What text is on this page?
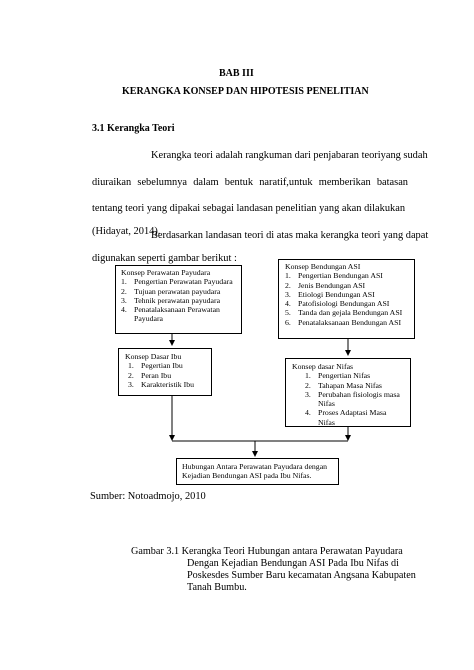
BAB III
KERANGKA KONSEP DAN HIPOTESIS PENELITIAN
3.1 Kerangka Teori
Kerangka teori adalah rangkuman dari penjabaran teoriyang sudah
diuraikan sebelumnya dalam bentuk naratif,untuk memberikan batasan
tentang teori yang dipakai sebagai landasan penelitian yang akan dilakukan
(Hidayat, 2014).
Berdasarkan landasan teori di atas maka kerangka teori yang dapat
digunakan seperti gambar berikut :
Konsep Perawatan Payudara
1. Pengertian Perawatan Payudara
2. Tujuan perawatan payudara
3. Tehnik perawatan payudara
4. Penatalaksanaan Perawatan Payudara
Konsep Bendungan ASI
1. Pengertian Bendungan ASI
2. Jenis Bendungan ASI
3. Etiologi Bendungan ASI
4. Patofisiologi Bendungan ASI
5. Tanda dan gejala Bendungan ASI
6. Penatalaksanaan Bendungan ASI
Konsep Dasar Ibu
1. Pegertian Ibu
2. Peran Ibu
3. Karakteristik Ibu
Konsep dasar Nifas
1. Pengertian Nifas
2. Tahapan Masa Nifas
3. Perubahan fisiologis masa Nifas
4. Proses Adaptasi Masa Nifas
Hubungan Antara Perawatan Payudara dengan
Kejadian Bendungan ASI pada Ibu Nifas.
Sumber: Notoadmojo, 2010
Gambar 3.1 Kerangka Teori Hubungan antara Perawatan Payudara
Dengan Kejadian Bendungan ASI Pada Ibu Nifas di
Poskesdes Sumber Baru kecamatan Angsana Kabupaten
Tanah Bumbu.
